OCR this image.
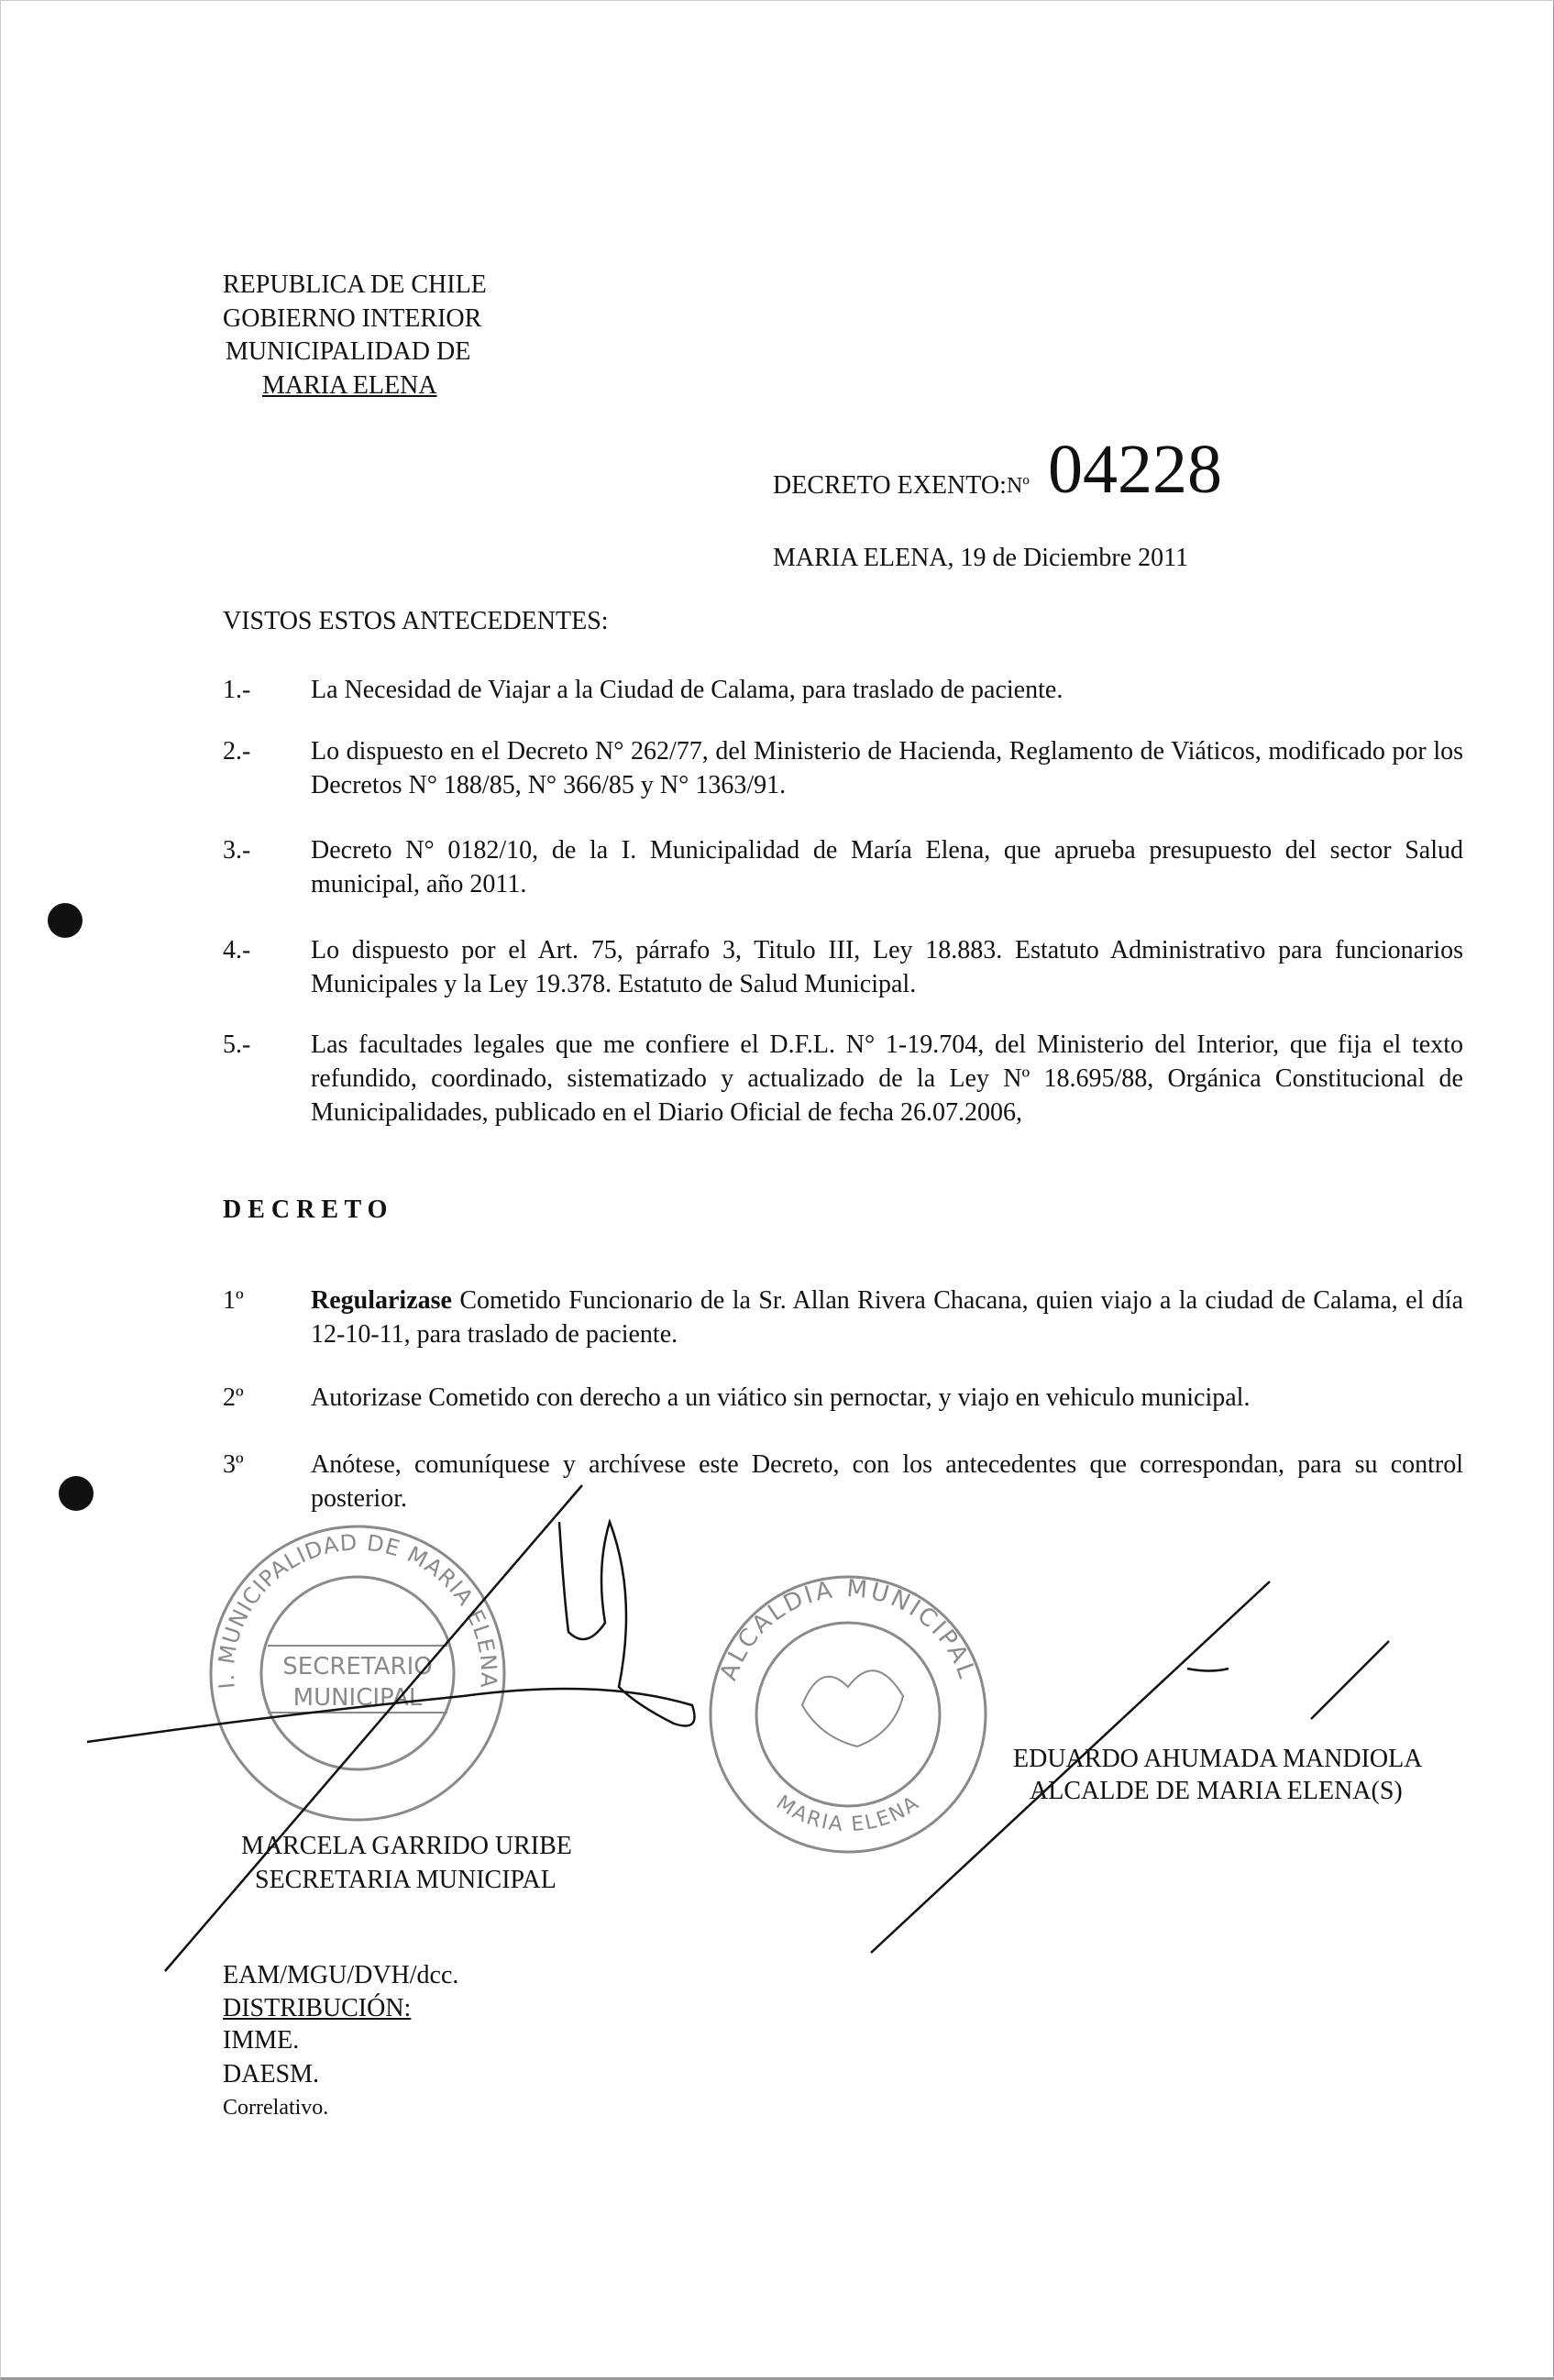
REPUBLICA DE CHILE
GOBIERNO INTERIOR
MUNICIPALIDAD DE
MARIA ELENA
DECRETO EXENTO: Nº 04228
MARIA ELENA, 19 de Diciembre 2011
VISTOS ESTOS ANTECEDENTES:
1.- La Necesidad de Viajar a la Ciudad de Calama, para traslado de paciente.
2.- Lo dispuesto en el Decreto N° 262/77, del Ministerio de Hacienda, Reglamento de Viáticos, modificado por los Decretos N° 188/85, N° 366/85 y N° 1363/91.
3.- Decreto N° 0182/10, de la I. Municipalidad de María Elena, que aprueba presupuesto del sector Salud municipal, año 2011.
4.- Lo dispuesto por el Art. 75, párrafo 3, Titulo III, Ley 18.883. Estatuto Administrativo para funcionarios Municipales y la Ley 19.378. Estatuto de Salud Municipal.
5.- Las facultades legales que me confiere el D.F.L. N° 1-19.704, del Ministerio del Interior, que fija el texto refundido, coordinado, sistematizado y actualizado de la Ley Nº 18.695/88, Orgánica Constitucional de Municipalidades, publicado en el Diario Oficial de fecha 26.07.2006,
D E C R E T O
1º	Regularizase Cometido Funcionario de la Sr. Allan Rivera Chacana, quien viajo a la ciudad de Calama, el día 12-10-11, para traslado de paciente.
2º	Autorizase Cometido con derecho a un viático sin pernoctar, y viajo en vehiculo municipal.
3º	Anótese, comuníquese y archívese este Decreto, con los antecedentes que correspondan, para su control posterior.
I. MUNICIPALIDAD DE MARIA ELENA
SECRETARIO
MUNICIPAL
ALCALDIA MUNICIPAL
MARIA ELENA
MARCELA GARRIDO URIBE
SECRETARIA MUNICIPAL
EDUARDO AHUMADA MANDIOLA
ALCALDE DE MARIA ELENA(S)
EAM/MGU/DVH/dcc.
DISTRIBUCIÓN:
IMME.
DAESM.
Correlativo.
